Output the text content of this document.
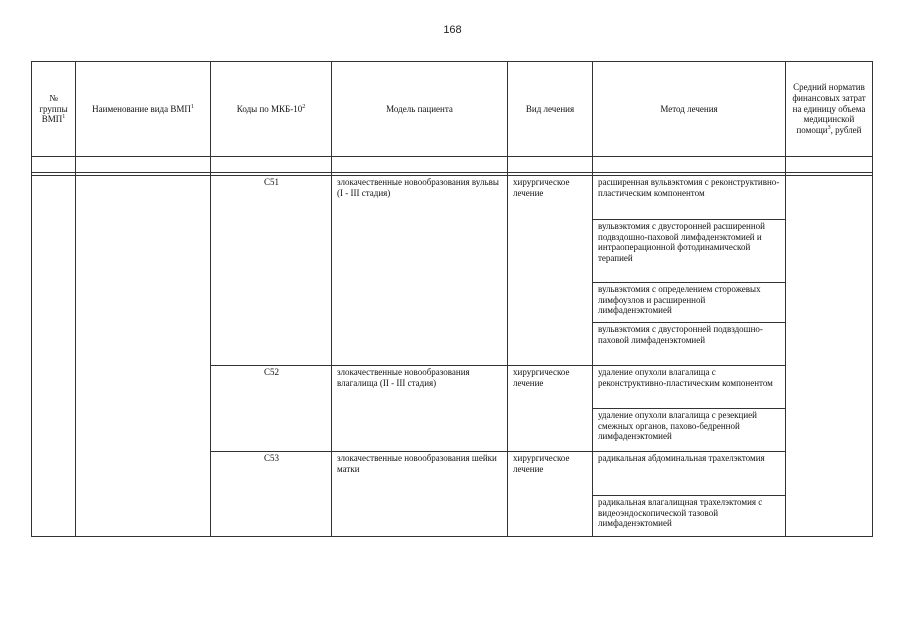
168
№ группы ВМП$^1$	Наименование вида ВМП$^1$	Коды по МКБ-$10^2$	Модель пациента	Вид лечения	Метод лечения	Средний норматив финансовых затрат на единицу объема медицинской помощи$^3$, рублей

		C51	злокачественные новообразования вульвы (I - III стадия)	хирургическое лечение	расширенная вульвэктомия с реконструктивно-пластическим компонентом	
					вульвэктомия с двусторонней расширенной подвздошно-паховой лимфаденэктомией и интраоперационной фотодинамической терапией	
					вульвэктомия с определением сторожевых лимфоузлов и расширенной лимфаденэктомией	
					вульвэктомия с двусторонней подвздошно-паховой лимфаденэктомией	
		C52	злокачественные новообразования влагалища (II - III стадия)	хирургическое лечение	удаление опухоли влагалища с реконструктивно-пластическим компонентом	
					удаление опухоли влагалища с резекцией смежных органов, пахово-бедренной лимфаденэктомией	
		C53	злокачественные новообразования шейки матки	хирургическое лечение	радикальная абдоминальная трахелэктомия	
					радикальная влагалищная трахелэктомия с видеоэндоскопической тазовой лимфаденэктомией	
